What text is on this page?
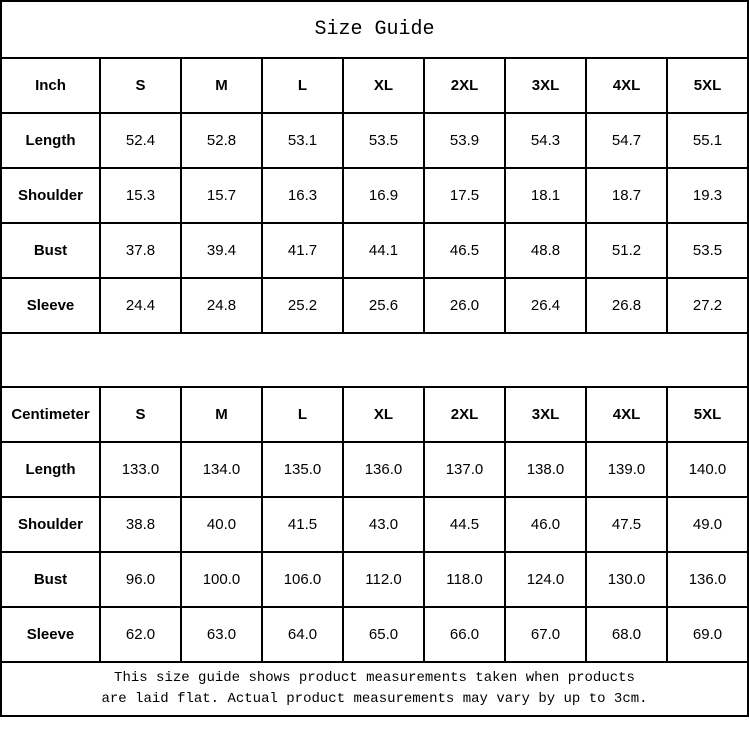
Size Guide
Inch	S	M	L	XL	2XL	3XL	4XL	5XL
Length	52.4	52.8	53.1	53.5	53.9	54.3	54.7	55.1
Shoulder	15.3	15.7	16.3	16.9	17.5	18.1	18.7	19.3
Bust	37.8	39.4	41.7	44.1	46.5	48.8	51.2	53.5
Sleeve	24.4	24.8	25.2	25.6	26.0	26.4	26.8	27.2
Centimeter	S	M	L	XL	2XL	3XL	4XL	5XL
Length	133.0	134.0	135.0	136.0	137.0	138.0	139.0	140.0
Shoulder	38.8	40.0	41.5	43.0	44.5	46.0	47.5	49.0
Bust	96.0	100.0	106.0	112.0	118.0	124.0	130.0	136.0
Sleeve	62.0	63.0	64.0	65.0	66.0	67.0	68.0	69.0
This size guide shows product measurements taken when products
are laid flat. Actual product measurements may vary by up to 3cm.
